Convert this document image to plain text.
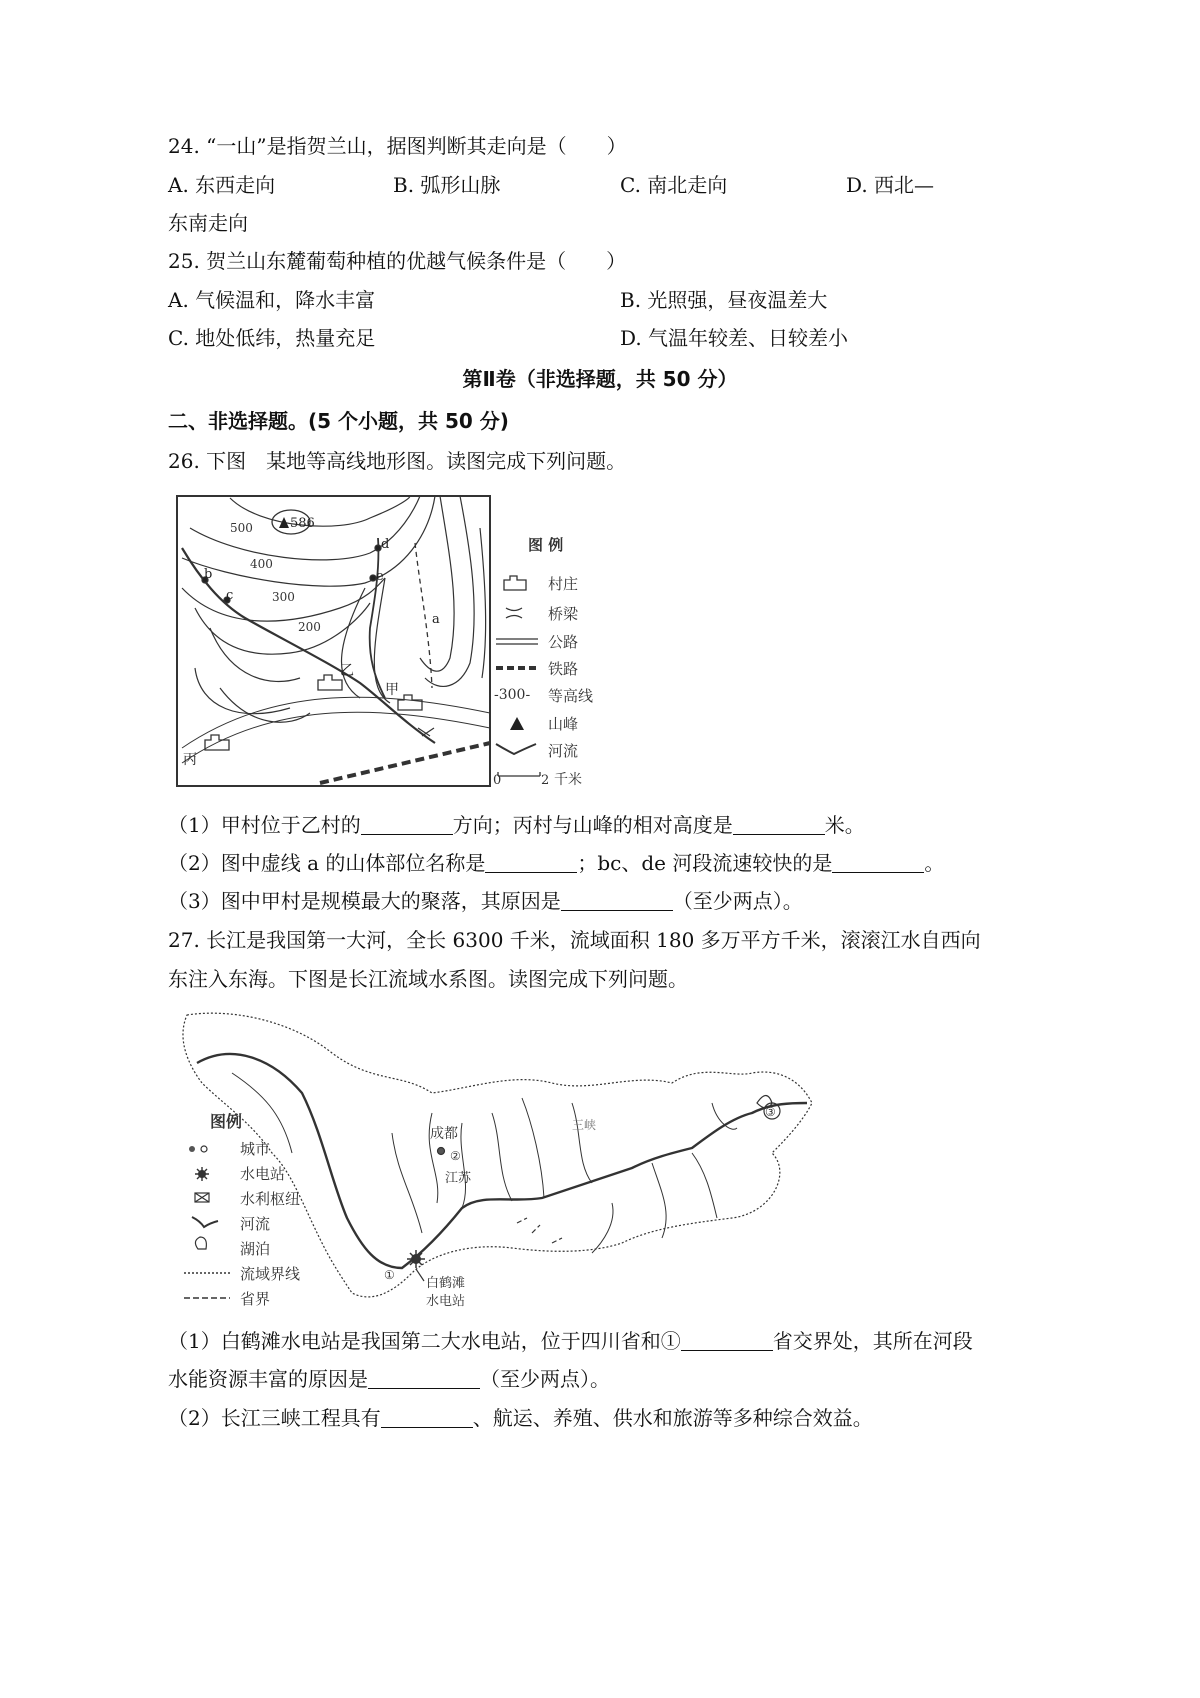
24. “一山”是指贺兰山，据图判断其走向是（　　）
A. 东西走向	B. 弧形山脉	C. 南北走向	D. 西北—
东南走向
25. 贺兰山东麓葡萄种植的优越气候条件是（　　）
A. 气候温和，降水丰富	B. 光照强，昼夜温差大
C. 地处低纬，热量充足	D. 气温年较差、日较差小
第Ⅱ卷（非选择题，共 50 分）
二、非选择题。(5 个小题，共 50 分)
26. 下图　某地等高线地形图。读图完成下列问题。
586
500
400
300
200
b
c
d
e
a
乙
甲
丙
图 例
村庄
桥梁
公路
铁路
-300- 等高线
山峰
河流
0	2 千米
（1）甲村位于乙村的	方向；丙村与山峰的相对高度是	米。
（2）图中虚线 a 的山体部位名称是	；bc、de 河段流速较快的是	。
（3）图中甲村是规模最大的聚落，其原因是	（至少两点）。
27. 长江是我国第一大河，全长 6300 千米，流域面积 180 多万平方千米，滚滚江水自西向
东注入东海。下图是长江流域水系图。读图完成下列问题。
成都
②
江苏
三峡
③
①
白鹤滩
水电站
图例
城市
水电站
水利枢纽
河流
湖泊
流域界线
省界
（1）白鹤滩水电站是我国第二大水电站，位于四川省和①	省交界处，其所在河段
水能资源丰富的原因是	（至少两点）。
（2）长江三峡工程具有	、航运、养殖、供水和旅游等多种综合效益。
